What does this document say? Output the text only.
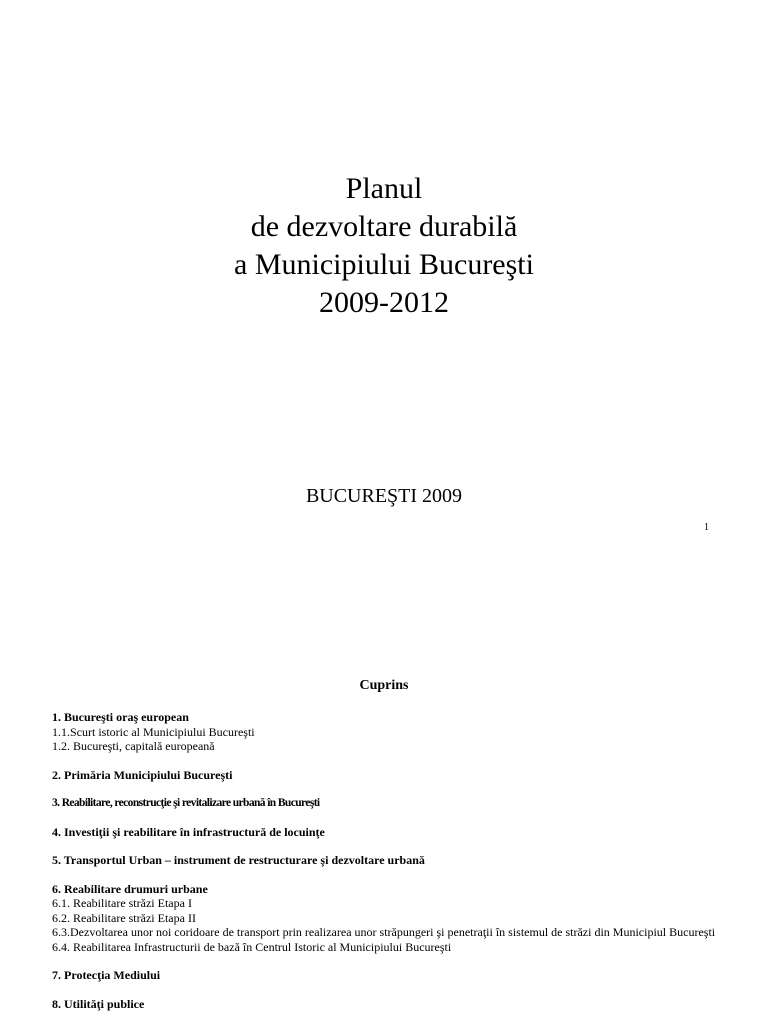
Planul
de dezvoltare durabilă
a Municipiului Bucureşti
2009-2012
BUCUREŞTI 2009
1
Cuprins
1. Bucureşti oraş european
1.1.Scurt istoric al Municipiului Bucureşti
1.2. Bucureşti, capitală europeană
2. Primăria Municipiului Bucureşti
3. Reabilitare, reconstrucţie şi revitalizare urbană în Bucureşti
4. Investiţii şi reabilitare în infrastructură de locuinţe
5. Transportul Urban – instrument de restructurare şi dezvoltare urbană
6. Reabilitare drumuri urbane
6.1. Reabilitare străzi Etapa I
6.2. Reabilitare străzi Etapa II
6.3.Dezvoltarea unor noi coridoare de transport prin realizarea unor străpungeri şi penetraţii în sistemul de străzi din Municipiul Bucureşti
6.4. Reabilitarea Infrastructurii de bază în Centrul Istoric al Municipiului Bucureşti
7. Protecţia Mediului
8. Utilităţi publice
